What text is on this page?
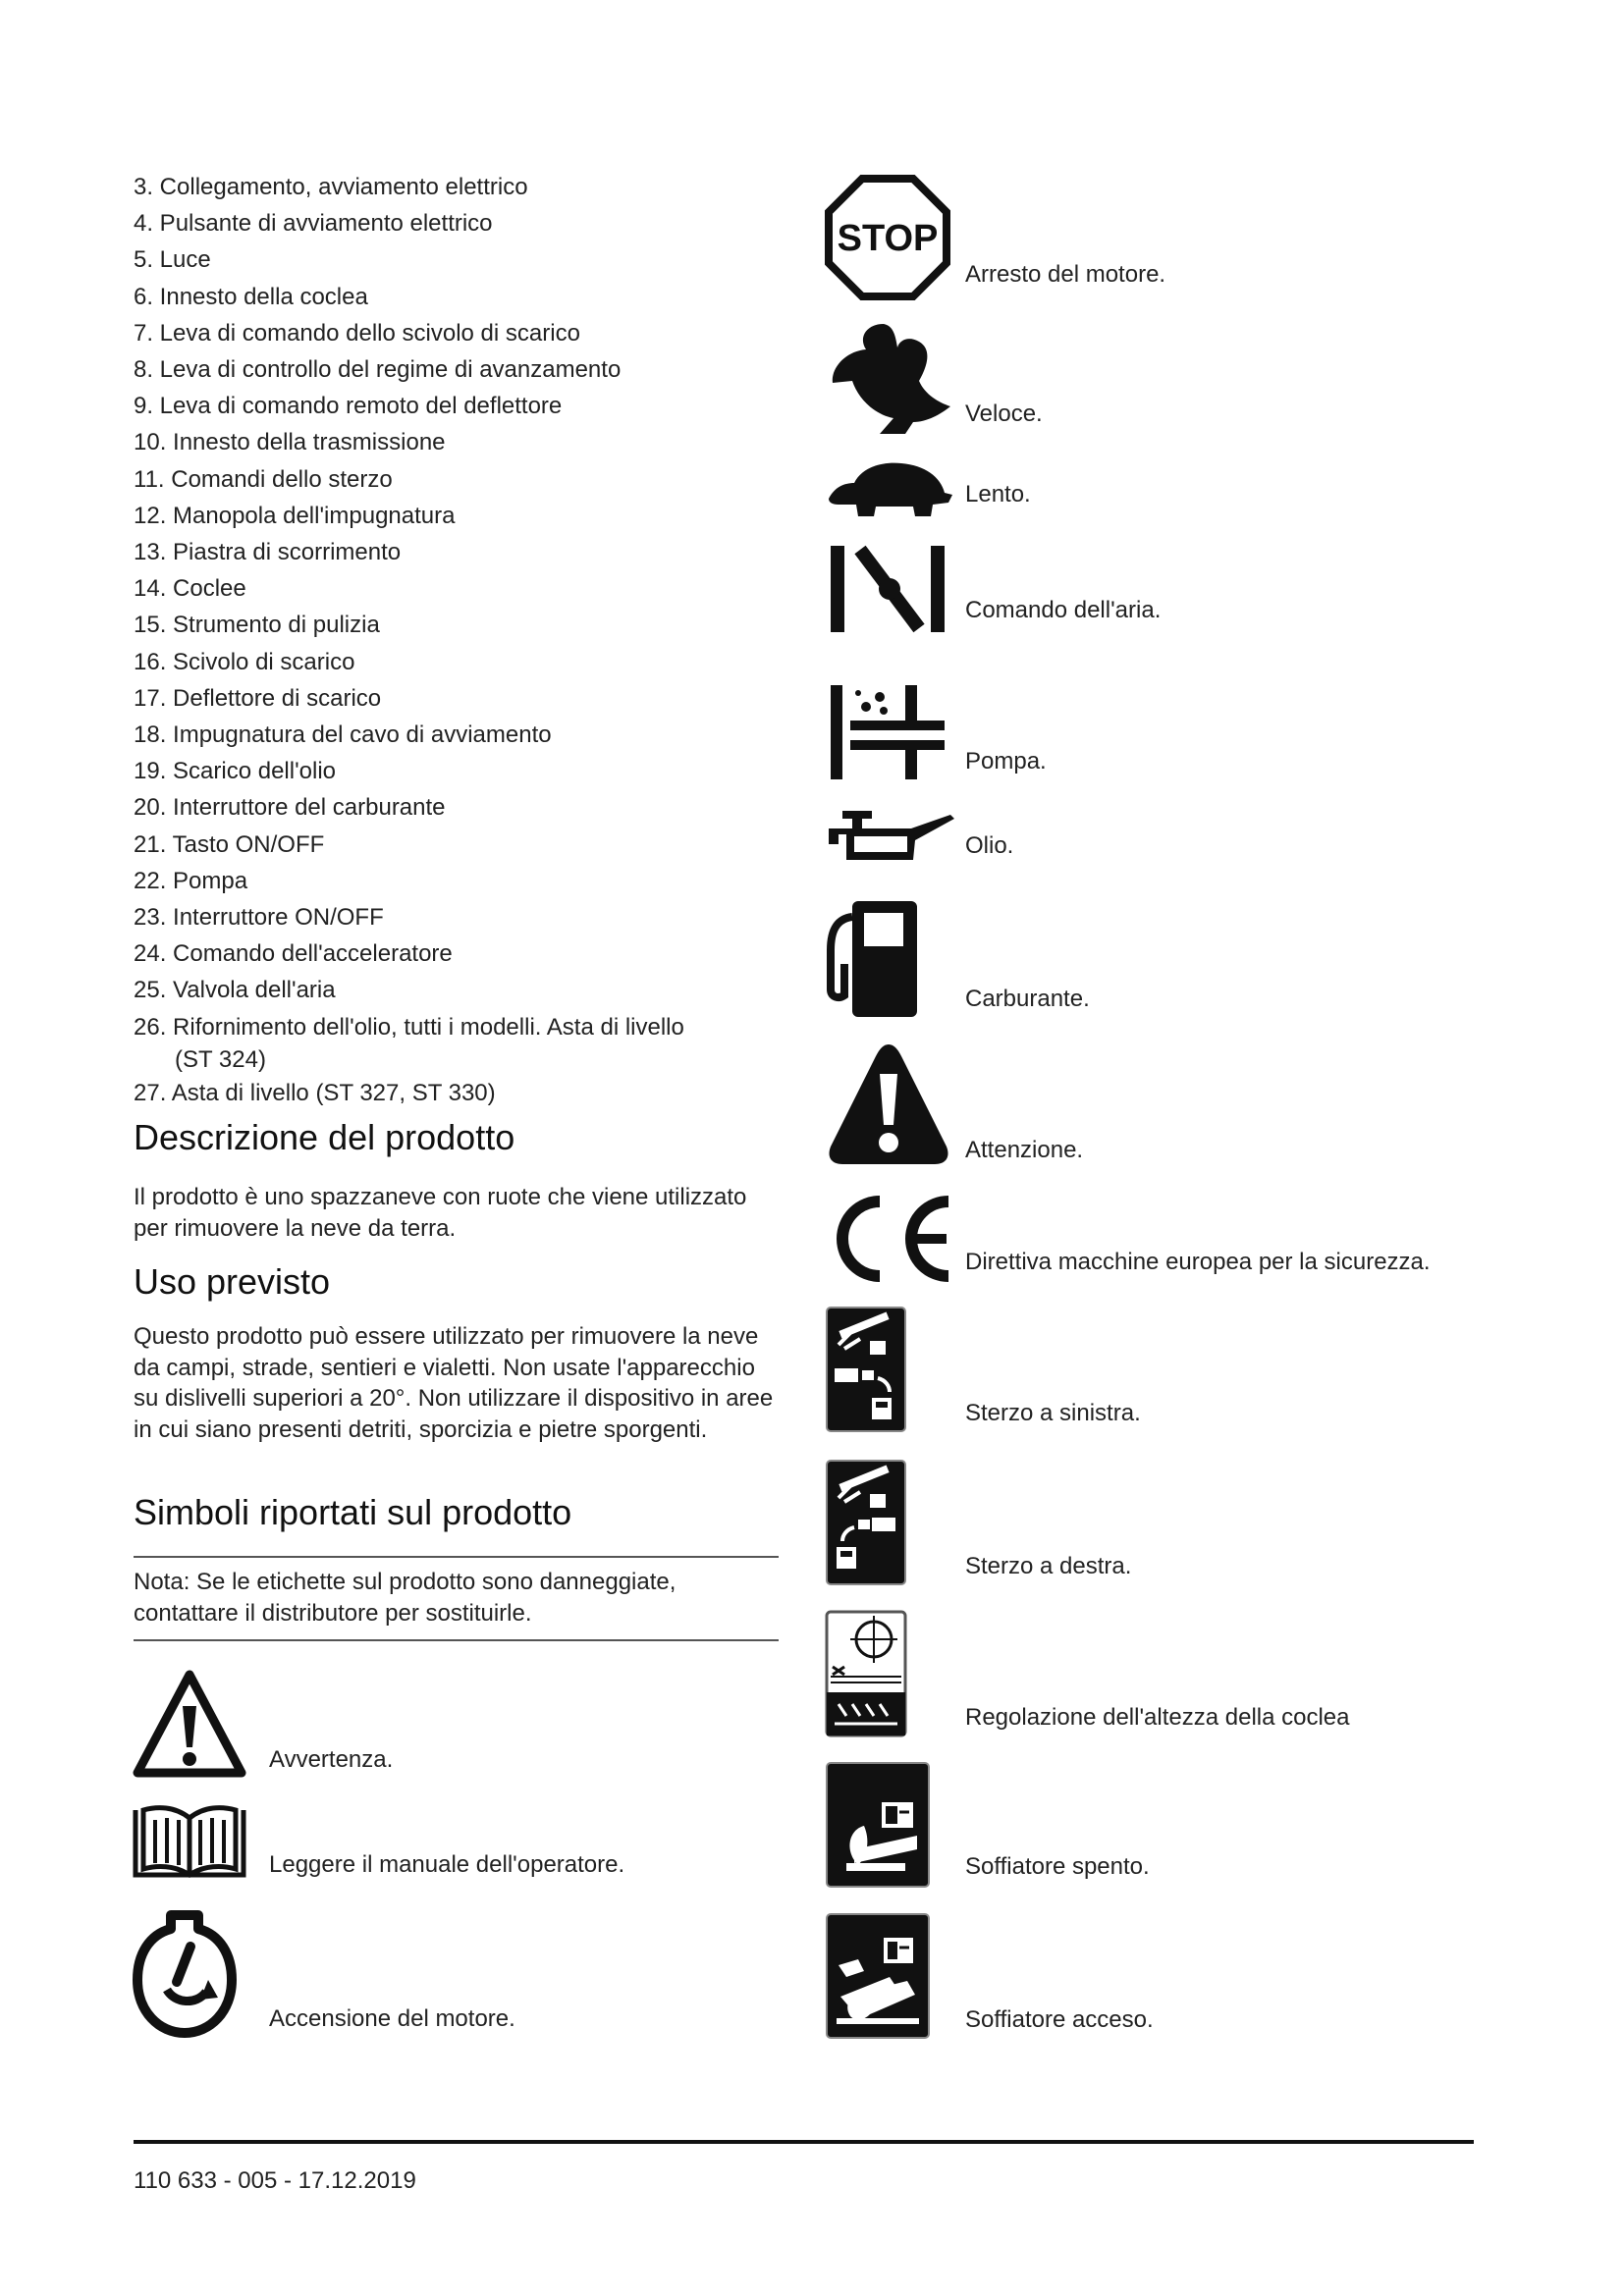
3. Collegamento, avviamento elettrico
4. Pulsante di avviamento elettrico
5. Luce
6. Innesto della coclea
7. Leva di comando dello scivolo di scarico
8. Leva di controllo del regime di avanzamento
9. Leva di comando remoto del deflettore
10. Innesto della trasmissione
11. Comandi dello sterzo
12. Manopola dell'impugnatura
13. Piastra di scorrimento
14. Coclee
15. Strumento di pulizia
16. Scivolo di scarico
17. Deflettore di scarico
18. Impugnatura del cavo di avviamento
19. Scarico dell'olio
20. Interruttore del carburante
21. Tasto ON/OFF
22. Pompa
23. Interruttore ON/OFF
24. Comando dell'acceleratore
25. Valvola dell'aria
26. Rifornimento dell'olio, tutti i modelli. Asta di livello
(ST 324)
27. Asta di livello (ST 327, ST 330)
Descrizione del prodotto

Il prodotto è uno spazzaneve con ruote che viene utilizzato per rimuovere la neve da terra.

Uso previsto

Questo prodotto può essere utilizzato per rimuovere la neve da campi, strade, sentieri e vialetti. Non usate l'apparecchio su dislivelli superiori a 20°. Non utilizzare il dispositivo in aree in cui siano presenti detriti, sporcizia e pietre sporgenti.

Simboli riportati sul prodotto

Nota: Se le etichette sul prodotto sono danneggiate, contattare il distributore per sostituirle.

Avvertenza.
Leggere il manuale dell'operatore.
Accensione del motore.
STOP
Arresto del motore.
Veloce.
Lento.
Comando dell'aria.
Pompa.
Olio.
Carburante.
Attenzione.
Direttiva macchine europea per la sicurezza.
Sterzo a sinistra.
Sterzo a destra.
Regolazione dell'altezza della coclea
Soffiatore spento.
Soffiatore acceso.
110 633 - 005 - 17.12.2019
